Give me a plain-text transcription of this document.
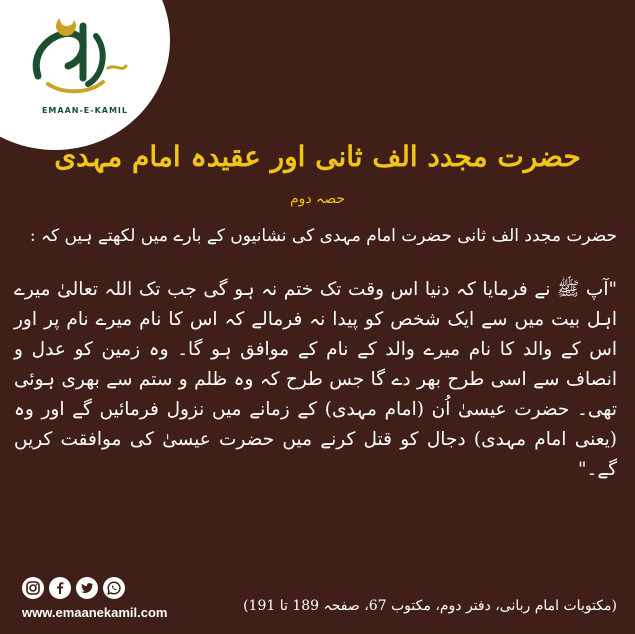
EMAAN-E-KAMIL
حضرت مجدد الف ثانی اور عقیدہ امام مہدی
حصہ دوم
حضرت مجدد الف ثانی حضرت امام مہدی کی نشانیوں کے بارے میں لکھتے ہیں کہ :
"آپ ﷺ نے فرمایا کہ دنیا اس وقت تک ختم نہ ہو گی جب تک اللہ تعالیٰ میرے اہل بیت میں سے ایک شخص کو پیدا نہ فرمالے کہ اس کا نام میرے نام پر اور اس کے والد کا نام میرے والد کے نام کے موافق ہو گا۔ وہ زمین کو عدل و انصاف سے اسی طرح بھر دے گا جس طرح کہ وہ ظلم و ستم سے بھری ہوئی تھی۔ حضرت عیسیٰ اُن (امام مہدی) کے زمانے میں نزول فرمائیں گے اور وہ (یعنی امام مہدی) دجال کو قتل کرنے میں حضرت عیسیٰ کی موافقت کریں گے۔"
www.emaanekamil.com	(مکتوبات امام ربانی، دفتر دوم، مکتوب 67، صفحہ 189 تا 191)
